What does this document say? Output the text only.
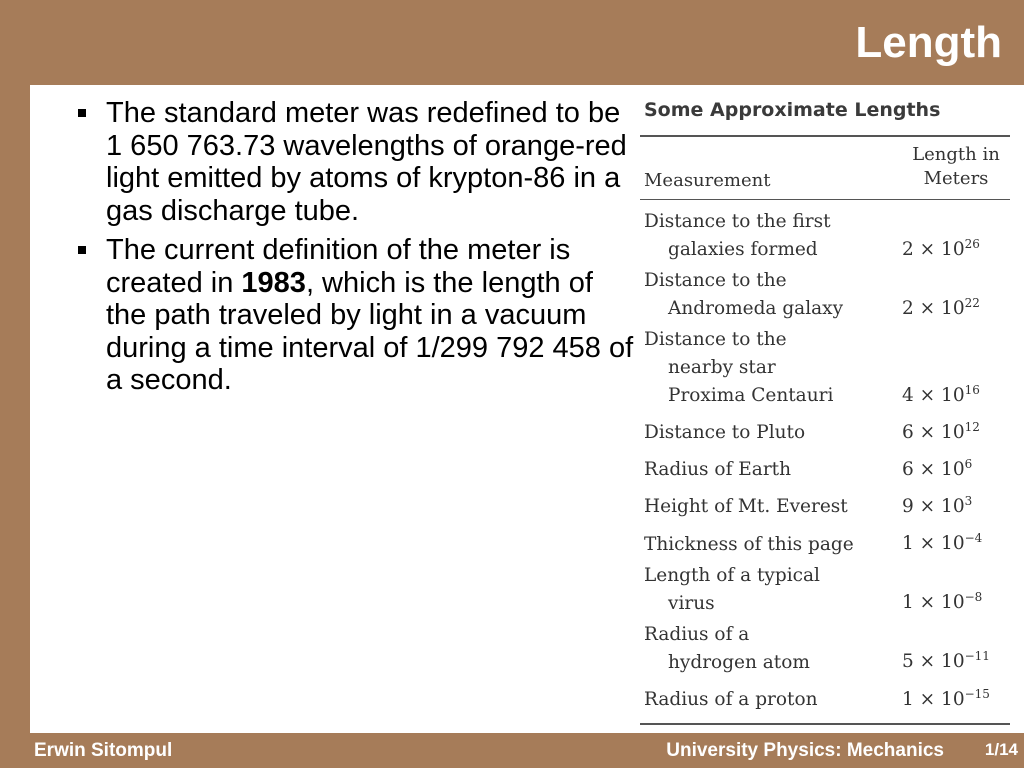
Length
The standard meter was redefined to be 1 650 763.73 wavelengths of orange-red light emitted by atoms of krypton-86 in a gas discharge tube.
The current definition of the meter is created in 1983, which is the length of the path traveled by light in a vacuum during a time interval of 1/299 792 458 of a second.
Some Approximate Lengths
Measurement
Length in Meters
Distance to the first
galaxies formed	$2 \times 10^{26}$
Distance to the
Andromeda galaxy	$2 \times 10^{22}$
Distance to the
nearby star
Proxima Centauri	$4 \times 10^{16}$
Distance to Pluto	$6 \times 10^{12}$
Radius of Earth	$6 \times 10^6$
Height of Mt. Everest	$9 \times 10^3$
Thickness of this page	$1 \times 10^{-4}$
Length of a typical
virus	$1 \times 10^{-8}$
Radius of a
hydrogen atom	$5 \times 10^{-11}$
Radius of a proton	$1 \times 10^{-15}$
Erwin Sitompul	University Physics: Mechanics 1/14
